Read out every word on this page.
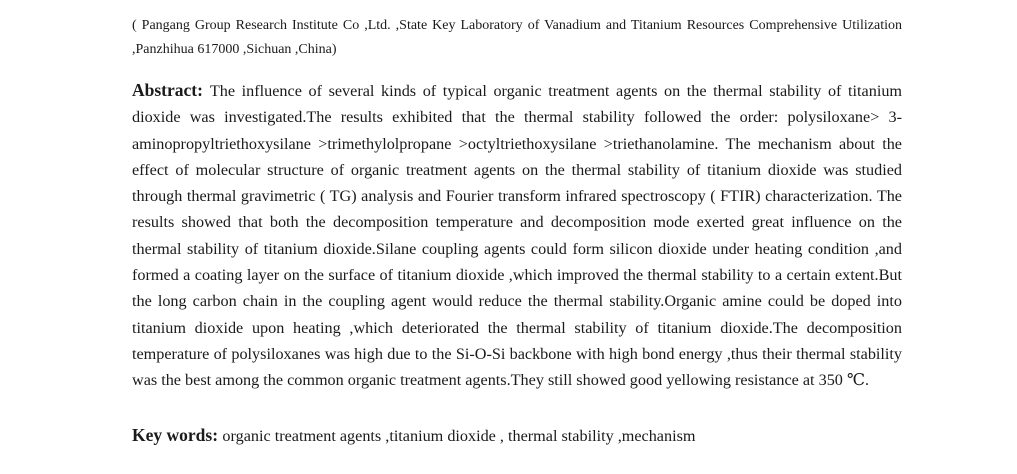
( Pangang Group Research Institute Co ,Ltd. ,State Key Laboratory of Vanadium and Titanium Resources Comprehensive Utilization ,Panzhihua 617000 ,Sichuan ,China)
Abstract: The influence of several kinds of typical organic treatment agents on the thermal stability of titanium dioxide was investigated.The results exhibited that the thermal stability followed the order: polysiloxane> 3-aminopropyltriethoxysilane >trimethylolpropane >octyltriethoxysilane >triethanolamine. The mechanism about the effect of molecular structure of organic treatment agents on the thermal stability of titanium dioxide was studied through thermal gravimetric ( TG) analysis and Fourier transform infrared spectroscopy ( FTIR) characterization. The results showed that both the decomposition temperature and decomposition mode exerted great influence on the thermal stability of titanium dioxide.Silane coupling agents could form silicon dioxide under heating condition ,and formed a coating layer on the surface of titanium dioxide ,which improved the thermal stability to a certain extent.But the long carbon chain in the coupling agent would reduce the thermal stability.Organic amine could be doped into titanium dioxide upon heating ,which deteriorated the thermal stability of titanium dioxide.The decomposition temperature of polysiloxanes was high due to the Si-O-Si backbone with high bond energy ,thus their thermal stability was the best among the common organic treatment agents.They still showed good yellowing resistance at 350 ℃.
Key words: organic treatment agents ,titanium dioxide , thermal stability ,mechanism
